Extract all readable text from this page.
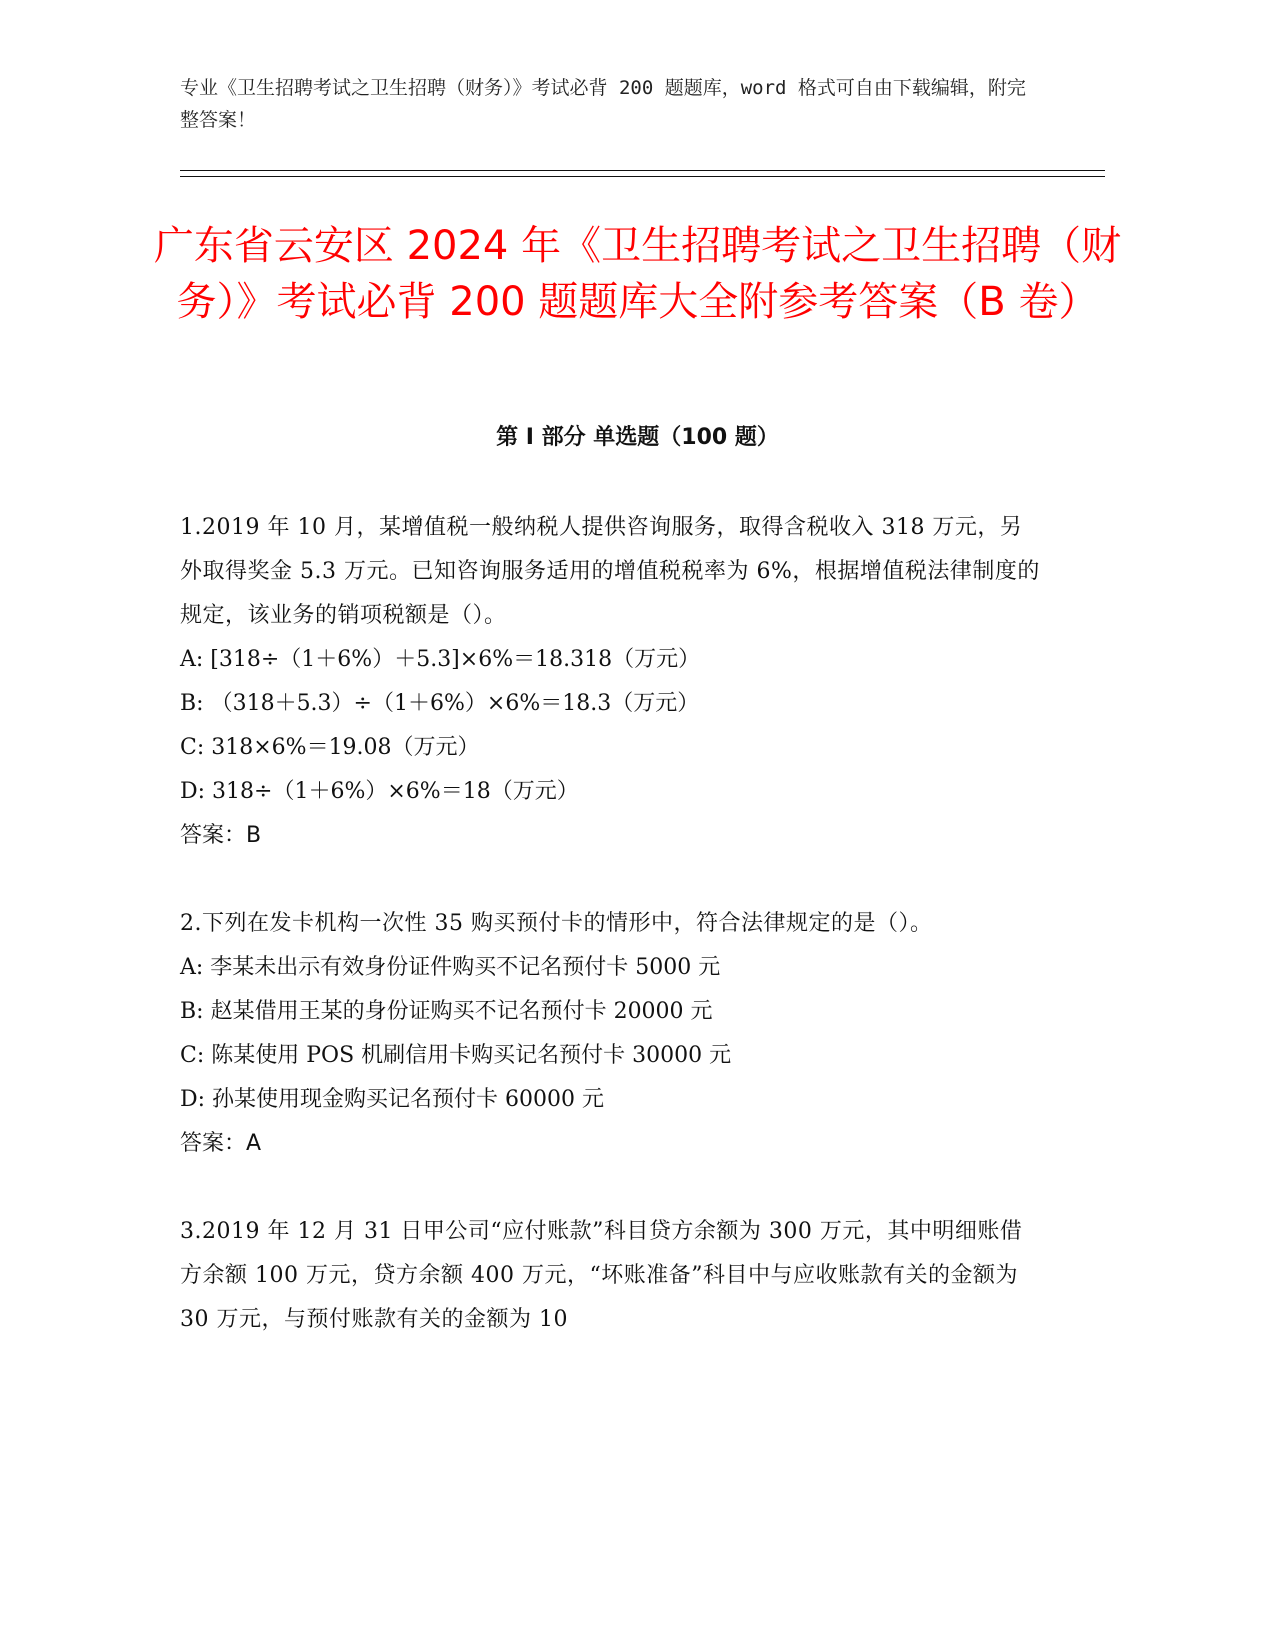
专业《卫生招聘考试之卫生招聘（财务）》考试必背 200 题题库，word 格式可自由下载编辑，附完整答案！
广东省云安区 2024 年《卫生招聘考试之卫生招聘（财务）》考试必背 200 题题库大全附参考答案（B 卷）
第 I 部分 单选题（100 题）
1.2019 年 10 月，某增值税一般纳税人提供咨询服务，取得含税收入 318 万元，另外取得奖金 5.3 万元。已知咨询服务适用的增值税税率为 6%，根据增值税法律制度的规定，该业务的销项税额是（）。
A: [318÷（1＋6%）＋5.3]×6%＝18.318（万元）
B: （318＋5.3）÷（1＋6%）×6%＝18.3（万元）
C: 318×6%＝19.08（万元）
D: 318÷（1＋6%）×6%＝18（万元）
答案：B
2.下列在发卡机构一次性 35 购买预付卡的情形中，符合法律规定的是（）。
A: 李某未出示有效身份证件购买不记名预付卡 5000 元
B: 赵某借用王某的身份证购买不记名预付卡 20000 元
C: 陈某使用 POS 机刷信用卡购买记名预付卡 30000 元
D: 孙某使用现金购买记名预付卡 60000 元
答案：A
3.2019 年 12 月 31 日甲公司“应付账款”科目贷方余额为 300 万元，其中明细账借方余额 100 万元，贷方余额 400 万元，“坏账准备”科目中与应收账款有关的金额为 30 万元，与预付账款有关的金额为 10
